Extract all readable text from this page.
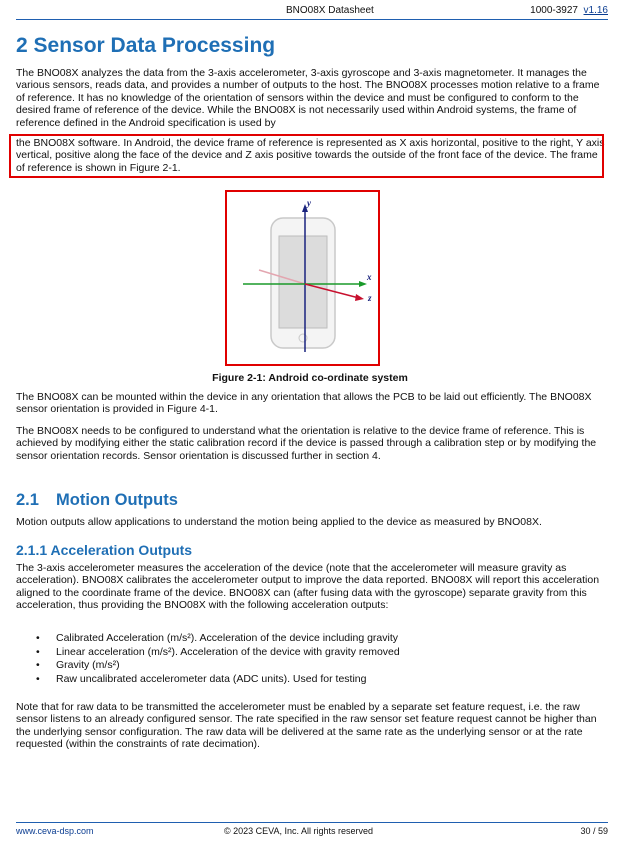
BNO08X Datasheet	1000-3927 v1.16
2 Sensor Data Processing

The BNO08X analyzes the data from the 3-axis accelerometer, 3-axis gyroscope and 3-axis magnetometer. It manages the various sensors, reads data, and provides a number of outputs to the host. The BNO08X processes motion relative to a frame of reference. It has no knowledge of the orientation of sensors within the device and must be configured to conform to the desired frame of reference of the device. While the BNO08X is not necessarily used within Android systems, the frame of reference defined in the Android specification is used by

the BNO08X software. In Android, the device frame of reference is represented as X axis horizontal, positive to the right, Y axis vertical, positive along the face of the device and Z axis positive towards the outside of the front face of the device. The frame of reference is shown in Figure 2-1.

y
x
z
Figure 2-1: Android co-ordinate system

The BNO08X can be mounted within the device in any orientation that allows the PCB to be laid out efficiently. The BNO08X sensor orientation is provided in Figure 4-1.

The BNO08X needs to be configured to understand what the orientation is relative to the device frame of reference. This is achieved by modifying either the static calibration record if the device is passed through a calibration step or by modifying the sensor orientation records. Sensor orientation is discussed further in section 4.

2.1 Motion Outputs

Motion outputs allow applications to understand the motion being applied to the device as measured by BNO08X.

2.1.1 Acceleration Outputs

The 3-axis accelerometer measures the acceleration of the device (note that the accelerometer will measure gravity as acceleration). BNO08X calibrates the accelerometer output to improve the data reported. BNO08X will report this acceleration aligned to the coordinate frame of the device. BNO08X can (after fusing data with the gyroscope) separate gravity from this acceleration, thus providing the BNO08X with the following acceleration outputs:

• Calibrated Acceleration (m/s²). Acceleration of the device including gravity
• Linear acceleration (m/s²). Acceleration of the device with gravity removed
• Gravity (m/s²)
• Raw uncalibrated accelerometer data (ADC units). Used for testing

Note that for raw data to be transmitted the accelerometer must be enabled by a separate set feature request, i.e. the raw sensor listens to an already configured sensor. The rate specified in the raw sensor set feature request cannot be higher than the underlying sensor configuration. The raw data will be delivered at the same rate as the underlying sensor or at the rate requested (within the constraints of rate decimation).

www.ceva-dsp.com	© 2023 CEVA, Inc. All rights reserved	30 / 59
